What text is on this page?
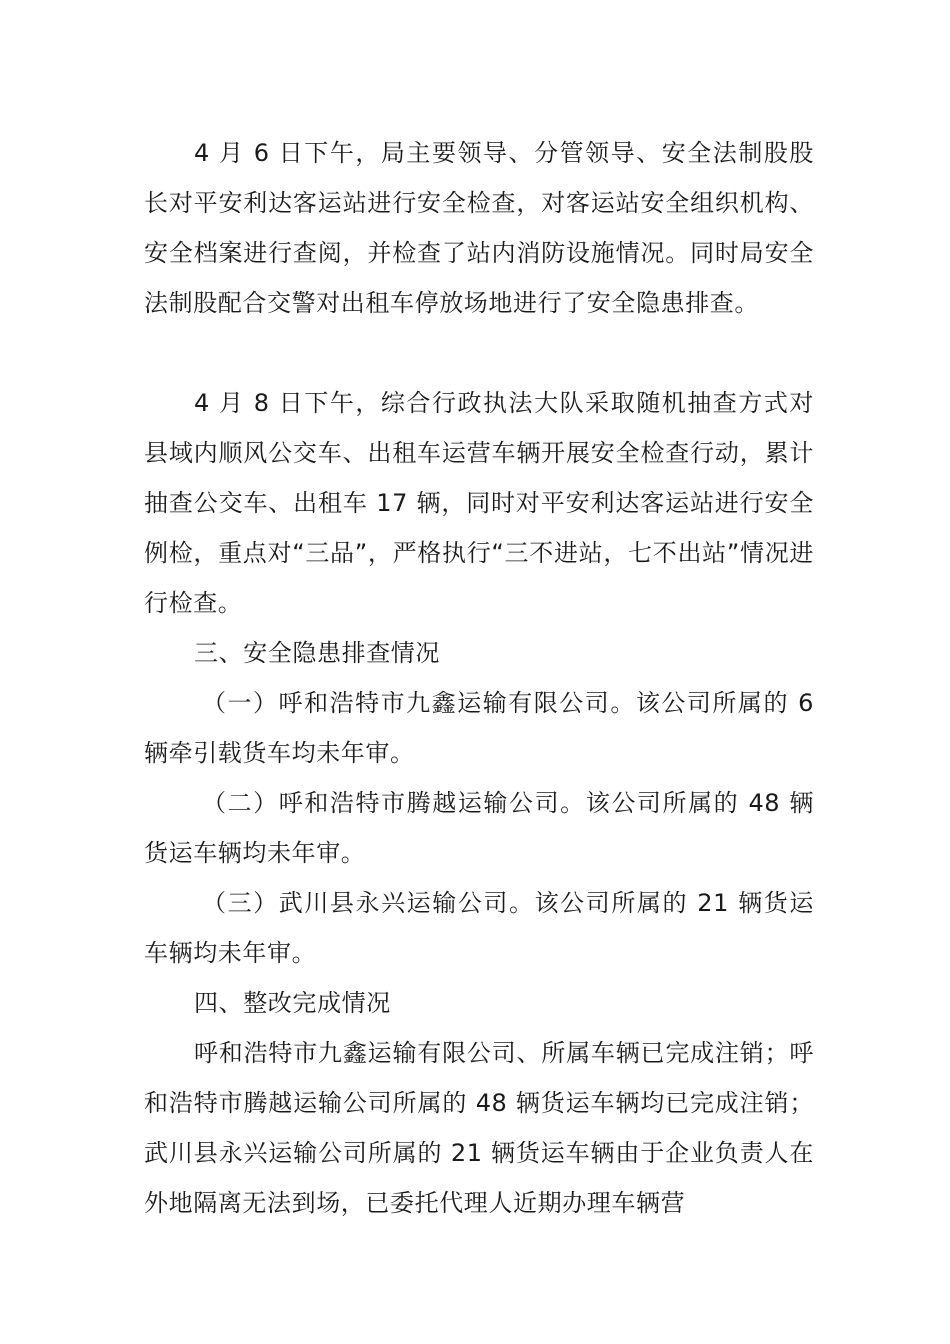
4 月 6 日下午，局主要领导、分管领导、安全法制股股长对平安利达客运站进行安全检查，对客运站安全组织机构、安全档案进行查阅，并检查了站内消防设施情况。同时局安全法制股配合交警对出租车停放场地进行了安全隐患排查。

4 月 8 日下午，综合行政执法大队采取随机抽查方式对县域内顺风公交车、出租车运营车辆开展安全检查行动，累计抽查公交车、出租车 17 辆，同时对平安利达客运站进行安全例检，重点对“三品”，严格执行“三不进站，七不出站”情况进行检查。

三、安全隐患排查情况

（一）呼和浩特市九鑫运输有限公司。该公司所属的 6 辆牵引载货车均未年审。

（二）呼和浩特市腾越运输公司。该公司所属的 48 辆货运车辆均未年审。

（三）武川县永兴运输公司。该公司所属的 21 辆货运车辆均未年审。

四、整改完成情况

呼和浩特市九鑫运输有限公司、所属车辆已完成注销；呼和浩特市腾越运输公司所属的 48 辆货运车辆均已完成注销；武川县永兴运输公司所属的 21 辆货运车辆由于企业负责人在外地隔离无法到场，已委托代理人近期办理车辆营
